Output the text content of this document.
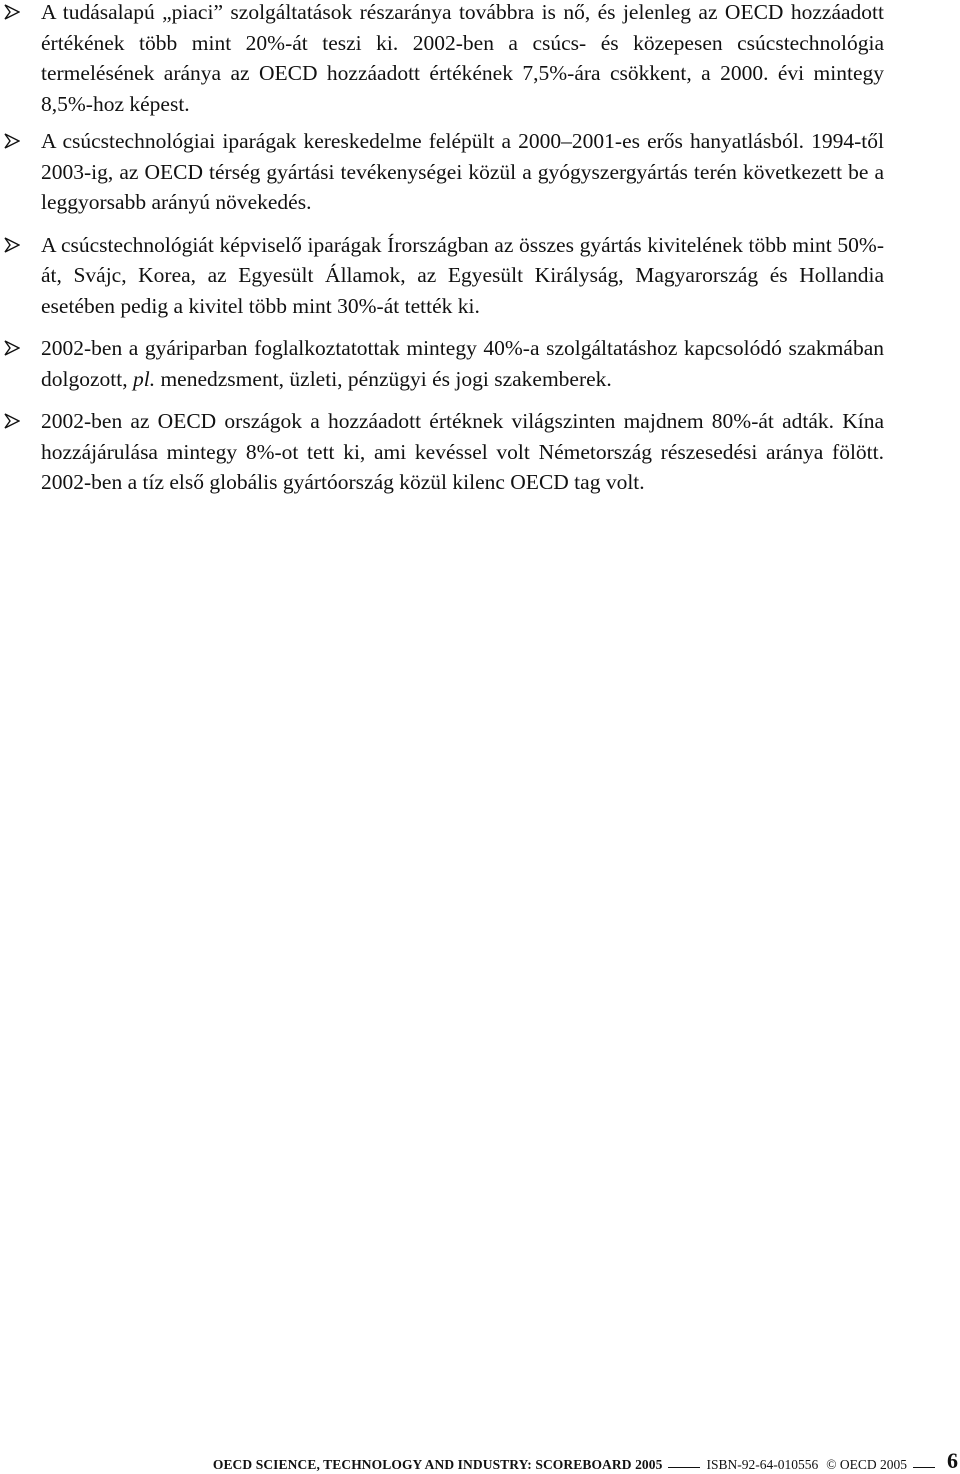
A tudásalapú „piaci” szolgáltatások részaránya továbbra is nő, és jelenleg az OECD hozzáadott értékének több mint 20%-át teszi ki. 2002-ben a csúcs- és közepesen csúcstechnológia termelésének aránya az OECD hozzáadott értékének 7,5%-ára csökkent, a 2000. évi mintegy 8,5%-hoz képest.
A csúcstechnológiai iparágak kereskedelme felépült a 2000–2001-es erős hanyatlásból. 1994-től 2003-ig, az OECD térség gyártási tevékenységei közül a gyógyszergyártás terén következett be a leggyorsabb arányú növekedés.
A csúcstechnológiát képviselő iparágak Írországban az összes gyártás kivitelének több mint 50%-át, Svájc, Korea, az Egyesült Államok, az Egyesült Királyság, Magyarország és Hollandia esetében pedig a kivitel több mint 30%-át tették ki.
2002-ben a gyáriparban foglalkoztatottak mintegy 40%-a szolgáltatáshoz kapcsolódó szakmában dolgozott, pl. menedzsment, üzleti, pénzügyi és jogi szakemberek.
2002-ben az OECD országok a hozzáadott értéknek világszinten majdnem 80%-át adták. Kína hozzájárulása mintegy 8%-ot tett ki, ami kevéssel volt Németország részesedési aránya fölött. 2002-ben a tíz első globális gyártóország közül kilenc OECD tag volt.
OECD SCIENCE, TECHNOLOGY AND INDUSTRY: SCOREBOARD 2005	ISBN-92-64-010556 © OECD 2005 6
